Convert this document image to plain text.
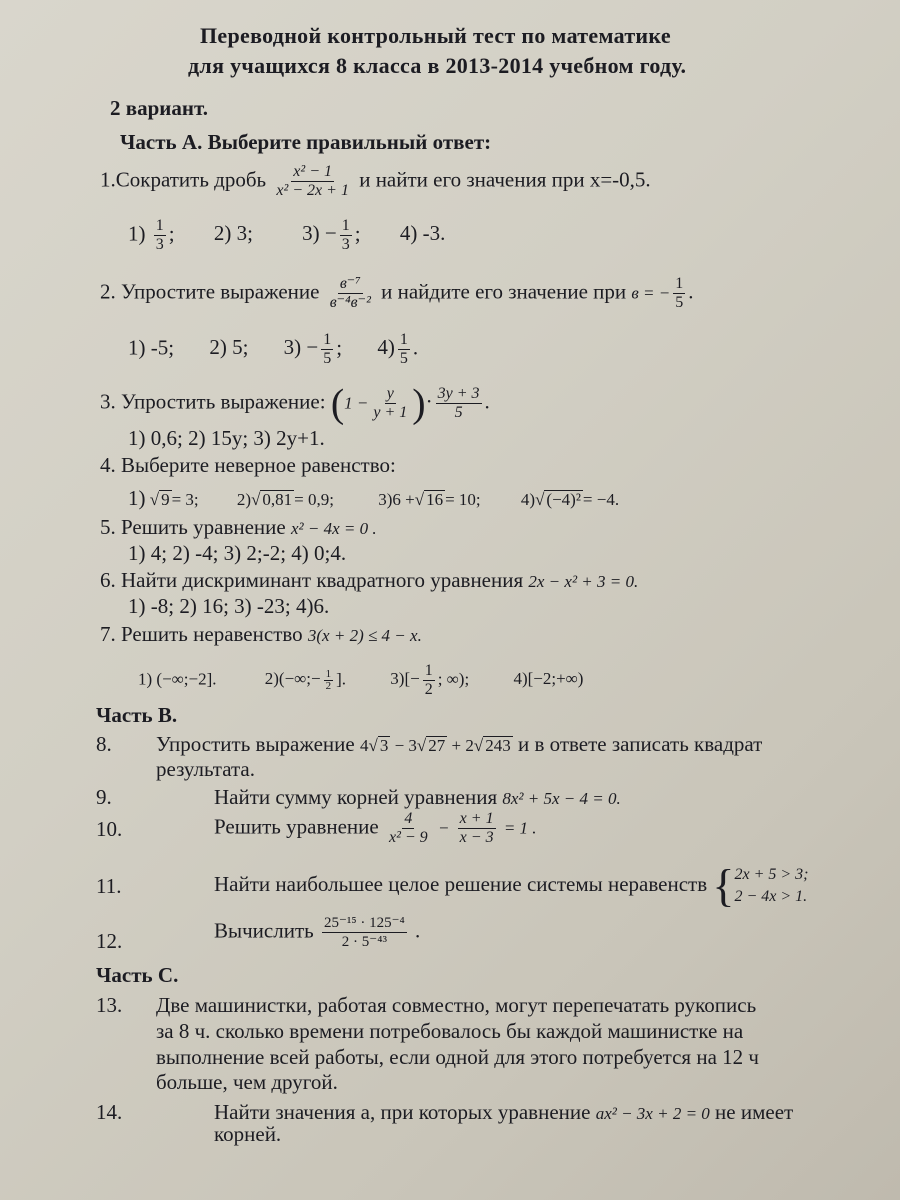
Переводной контрольный тест по математике
для учащихся 8 класса в 2013-2014 учебном году.
2 вариант.
Часть А. Выберите правильный ответ:
1.Сократить дробь $\frac{\text{x² − 1}}{\text{x² − 2x + 1}}$ и найти его значения при x=-0,5.
$1) \frac{1}{3}$ ; 2) 3; $3) - \frac{1}{3}$ ; 4) -3.
2. Упростите выражение $\frac{\text{в⁻⁷}}{\text{в⁻⁴в⁻²}}$ и найдите его значение при в = − $\frac{1}{5}$ .
1) -5; 2) 5; $3) - \frac{1}{5}$ ; $4) \frac{1}{5}$ .
3. Упростить выражение: ($1 - \frac{y}{y + 1}$ )· $\frac{3y + 3}{5}$ .
1) 0,6; 2) 15y; 3) 2y+1.
4. Выберите неверное равенство:
1) √ 9 = 3; 2)√ 0,81 = 0,9;	3)6 +√ 16 = 10; 4)√ (−4)² = −4.
5. Решить уравнение x² − 4x = 0 .
1) 4; 2) -4; 3) 2;-2; 4) 0;4.
6. Найти дискриминант квадратного уравнения 2x − x² + 3 = 0.
1) -8; 2) 16; 3) -23; 4)6.
7. Решить неравенство 3(x + 2) ≤ 4 − x.
1) (−∞;−2].	2)(−∞;− $\frac{1}{2}$ ].	$3)[- \frac{1}{2}$ ; ∞);	4)[−2;+∞)
Часть В.
8. Упростить выражение 4√ 3 − 3√ 27 + 2√ 243 и в ответе записать квадрат
результата.
9.	Найти сумму корней уравнения 8x² + 5x − 4 = 0.
10.	Решить уравнение $\frac{4}{\text{x² − 9}} - \frac{x + 1}{x - 3} = 1$ .
11.	Найти наибольшее целое решение системы неравенств { 2x + 5 > 3;
2 − 4x > 1.
12.	Вычислить $\frac{\text{25⁻¹⁵ · 125⁻⁴}}{\text{2 · 5⁻⁴³}}$ .
Часть С.
13. Две машинистки, работая совместно, могут перепечатать рукопись
за 8 ч. сколько времени потребовалось бы каждой машинистке на
выполнение всей работы, если одной для этого потребуется на 12 ч
больше, чем другой.
14.	Найти значения a, при которых уравнение ax² − 3x + 2 = 0 не имеет
корней.
